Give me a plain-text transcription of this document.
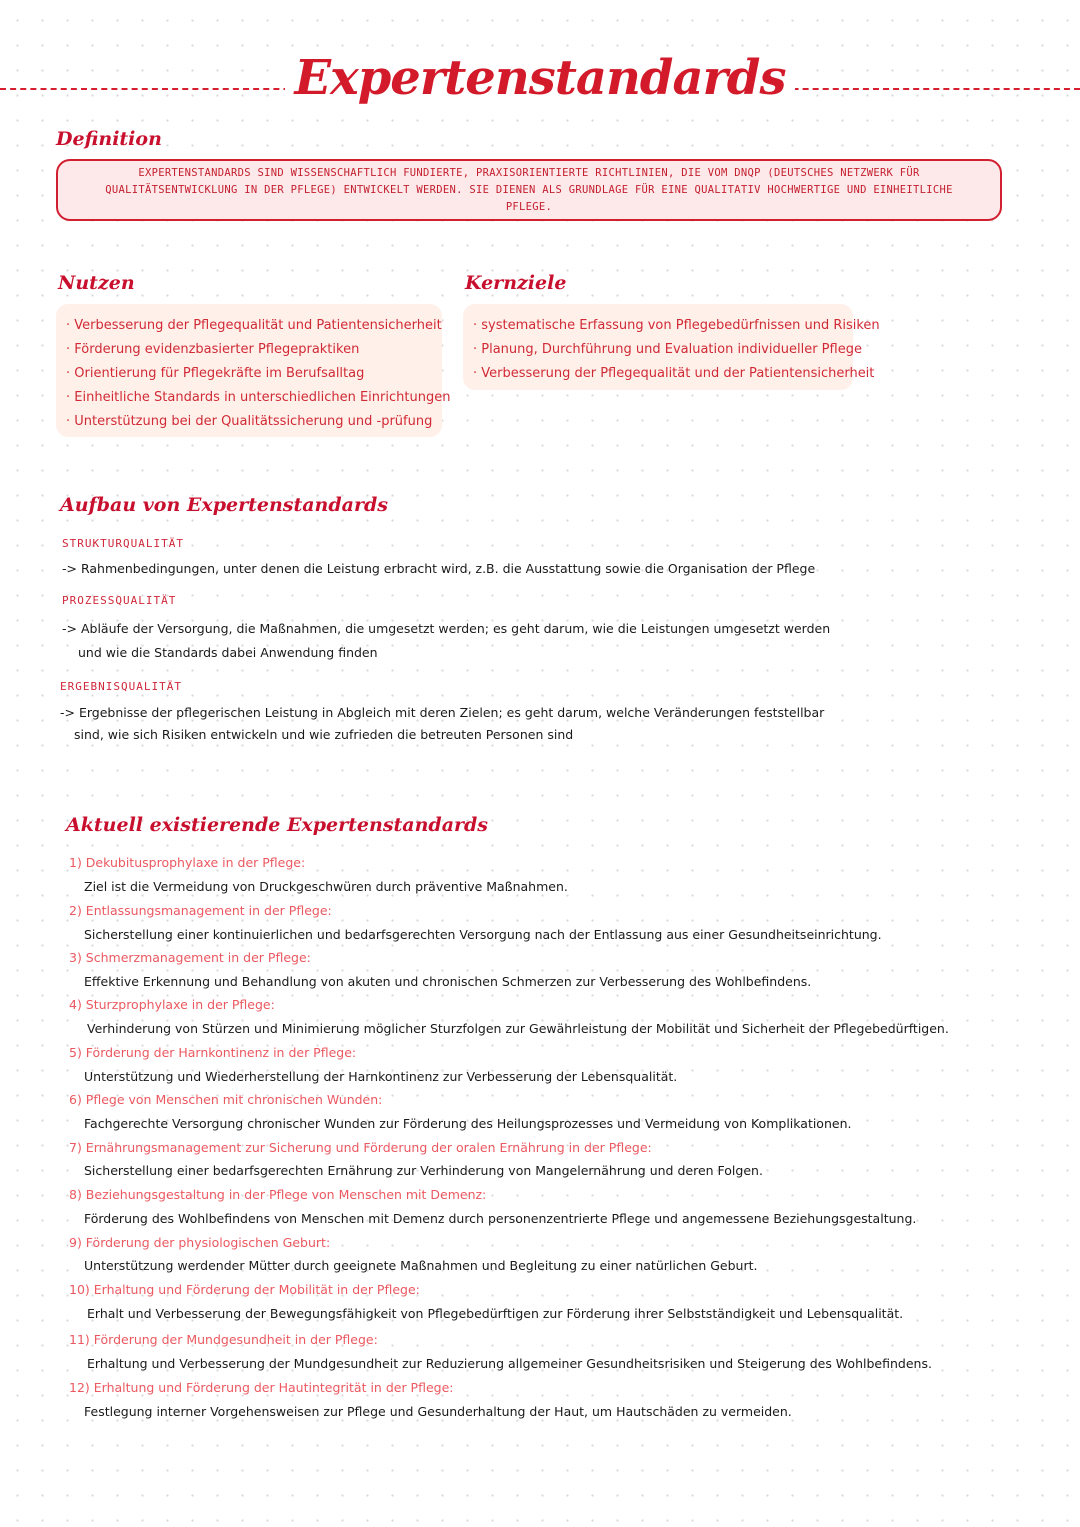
Expertenstandards
Definition
EXPERTENSTANDARDS SIND WISSENSCHAFTLICH FUNDIERTE, PRAXISORIENTIERTE RICHTLINIEN, DIE VOM DNQP (DEUTSCHES NETZWERK FÜR QUALITÄTSENTWICKLUNG IN DER PFLEGE) ENTWICKELT WERDEN. SIE DIENEN ALS GRUNDLAGE FÜR EINE QUALITATIV HOCHWERTIGE UND EINHEITLICHE PFLEGE.
Nutzen
· Verbesserung der Pflegequalität und Patientensicherheit
· Förderung evidenzbasierter Pflegepraktiken
· Orientierung für Pflegekräfte im Berufsalltag
· Einheitliche Standards in unterschiedlichen Einrichtungen
· Unterstützung bei der Qualitätssicherung und -prüfung
Kernziele
· systematische Erfassung von Pflegebedürfnissen und Risiken
· Planung, Durchführung und Evaluation individueller Pflege
· Verbesserung der Pflegequalität und der Patientensicherheit
Aufbau von Expertenstandards
STRUKTURQUALITÄT
-> Rahmenbedingungen, unter denen die Leistung erbracht wird, z.B. die Ausstattung sowie die Organisation der Pflege
PROZESSQUALITÄT
-> Abläufe der Versorgung, die Maßnahmen, die umgesetzt werden; es geht darum, wie die Leistungen umgesetzt werden
und wie die Standards dabei Anwendung finden
ERGEBNISQUALITÄT
-> Ergebnisse der pflegerischen Leistung in Abgleich mit deren Zielen; es geht darum, welche Veränderungen feststellbar
sind, wie sich Risiken entwickeln und wie zufrieden die betreuten Personen sind
Aktuell existierende Expertenstandards
1) Dekubitusprophylaxe in der Pflege:
Ziel ist die Vermeidung von Druckgeschwüren durch präventive Maßnahmen.
2) Entlassungsmanagement in der Pflege:
Sicherstellung einer kontinuierlichen und bedarfsgerechten Versorgung nach der Entlassung aus einer Gesundheitseinrichtung.
3) Schmerzmanagement in der Pflege:
Effektive Erkennung und Behandlung von akuten und chronischen Schmerzen zur Verbesserung des Wohlbefindens.
4) Sturzprophylaxe in der Pflege:
Verhinderung von Stürzen und Minimierung möglicher Sturzfolgen zur Gewährleistung der Mobilität und Sicherheit der Pflegebedürftigen.
5) Förderung der Harnkontinenz in der Pflege:
Unterstützung und Wiederherstellung der Harnkontinenz zur Verbesserung der Lebensqualität.
6) Pflege von Menschen mit chronischen Wunden:
Fachgerechte Versorgung chronischer Wunden zur Förderung des Heilungsprozesses und Vermeidung von Komplikationen.
7) Ernährungsmanagement zur Sicherung und Förderung der oralen Ernährung in der Pflege:
Sicherstellung einer bedarfsgerechten Ernährung zur Verhinderung von Mangelernährung und deren Folgen.
8) Beziehungsgestaltung in der Pflege von Menschen mit Demenz:
Förderung des Wohlbefindens von Menschen mit Demenz durch personenzentrierte Pflege und angemessene Beziehungsgestaltung.
9) Förderung der physiologischen Geburt:
Unterstützung werdender Mütter durch geeignete Maßnahmen und Begleitung zu einer natürlichen Geburt.
10) Erhaltung und Förderung der Mobilität in der Pflege:
Erhalt und Verbesserung der Bewegungsfähigkeit von Pflegebedürftigen zur Förderung ihrer Selbstständigkeit und Lebensqualität.
11) Förderung der Mundgesundheit in der Pflege:
Erhaltung und Verbesserung der Mundgesundheit zur Reduzierung allgemeiner Gesundheitsrisiken und Steigerung des Wohlbefindens.
12) Erhaltung und Förderung der Hautintegrität in der Pflege:
Festlegung interner Vorgehensweisen zur Pflege und Gesunderhaltung der Haut, um Hautschäden zu vermeiden.
